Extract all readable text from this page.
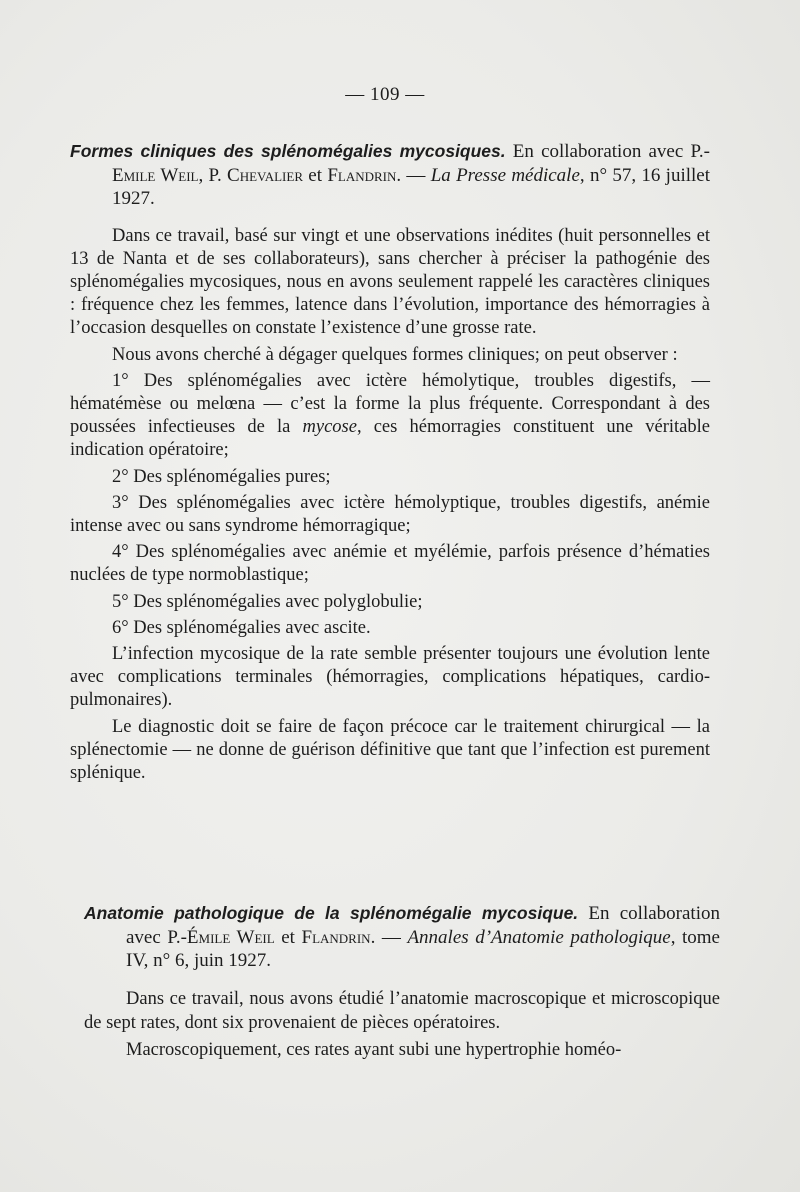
— 109 —

Formes cliniques des splénomégalies mycosiques. En collaboration avec P.-Emile Weil, P. Chevalier et Flandrin. — La Presse médicale, n° 57, 16 juillet 1927.

Dans ce travail, basé sur vingt et une observations inédites (huit personnelles et 13 de Nanta et de ses collaborateurs), sans chercher à préciser la pathogénie des splénomégalies mycosiques, nous en avons seulement rappelé les caractères cliniques : fréquence chez les femmes, latence dans l’évolution, importance des hémorragies à l’occasion desquelles on constate l’existence d’une grosse rate.

Nous avons cherché à dégager quelques formes cliniques; on peut observer :

1° Des splénomégalies avec ictère hémolytique, troubles digestifs, — hématémèse ou melœna — c’est la forme la plus fréquente. Correspondant à des poussées infectieuses de la mycose, ces hémorragies constituent une véritable indication opératoire;

2° Des splénomégalies pures;

3° Des splénomégalies avec ictère hémolyptique, troubles digestifs, anémie intense avec ou sans syndrome hémorragique;

4° Des splénomégalies avec anémie et myélémie, parfois présence d’hématies nuclées de type normoblastique;

5° Des splénomégalies avec polyglobulie;

6° Des splénomégalies avec ascite.

L’infection mycosique de la rate semble présenter toujours une évolution lente avec complications terminales (hémorragies, complications hépatiques, cardio-pulmonaires).

Le diagnostic doit se faire de façon précoce car le traitement chirurgical — la splénectomie — ne donne de guérison définitive que tant que l’infection est purement splénique.

Anatomie pathologique de la splénomégalie mycosique. En collaboration avec P.-Émile Weil et Flandrin. — Annales d’Anatomie pathologique, tome IV, n° 6, juin 1927.

Dans ce travail, nous avons étudié l’anatomie macroscopique et microscopique de sept rates, dont six provenaient de pièces opératoires.

Macroscopiquement, ces rates ayant subi une hypertrophie homéo-
